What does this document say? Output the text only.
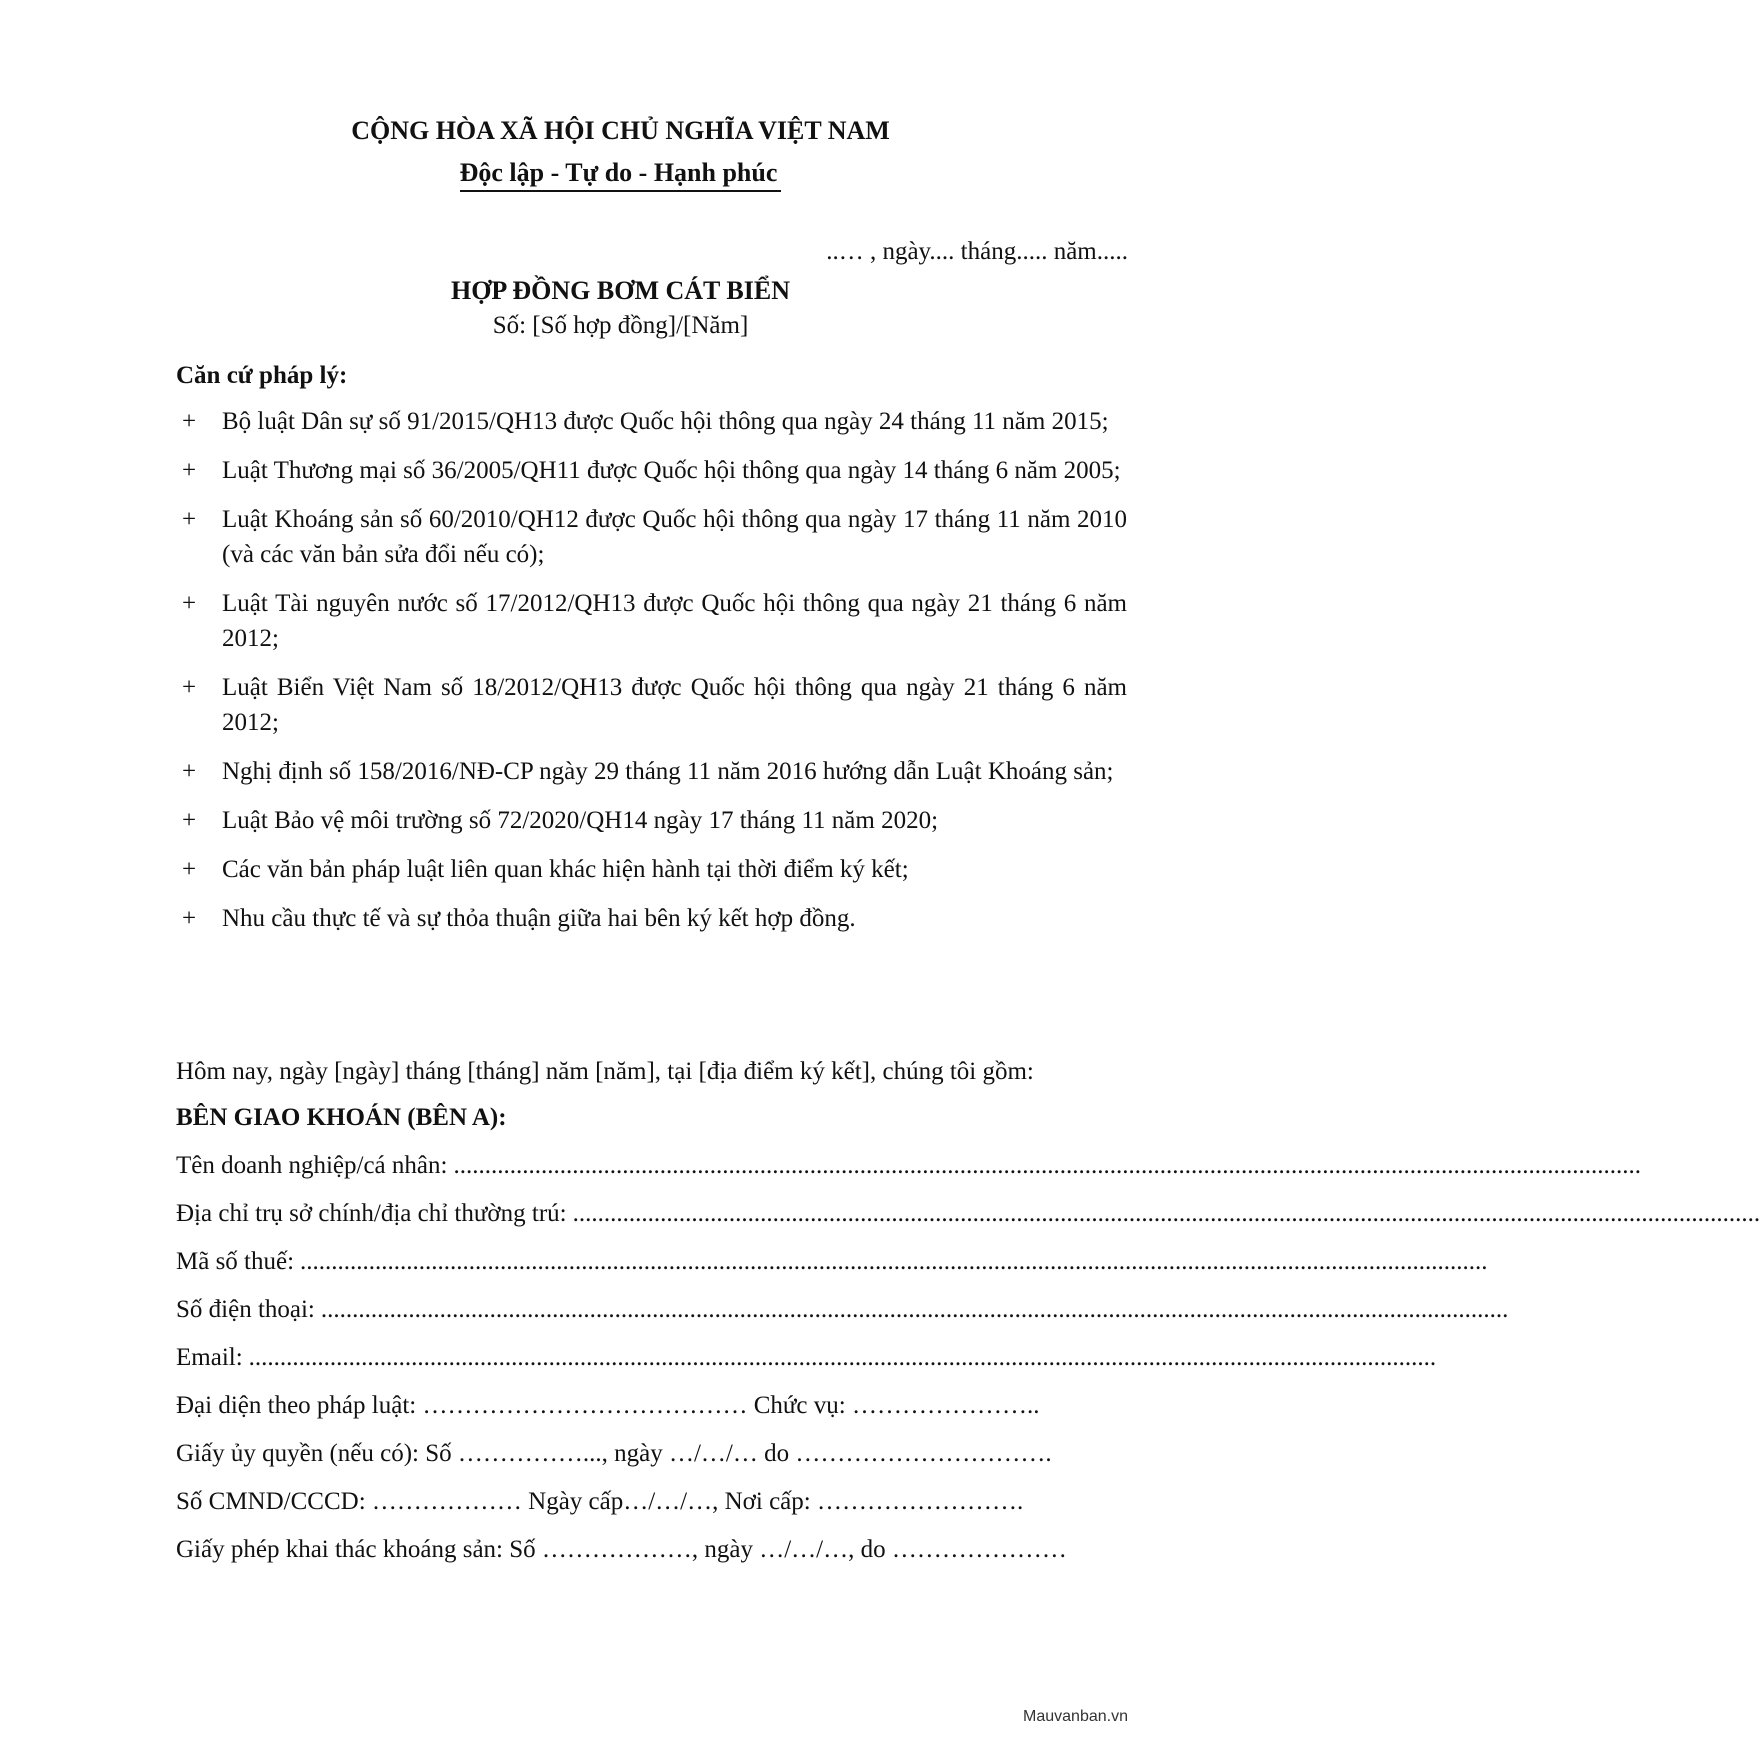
CỘNG HÒA XÃ HỘI CHỦ NGHĨA VIỆT NAM
Độc lập - Tự do - Hạnh phúc
..… , ngày.... tháng..... năm.....
HỢP ĐỒNG BƠM CÁT BIỂN
Số: [Số hợp đồng]/[Năm]
Căn cứ pháp lý:
+ Bộ luật Dân sự số 91/2015/QH13 được Quốc hội thông qua ngày 24 tháng 11 năm 2015;
+ Luật Thương mại số 36/2005/QH11 được Quốc hội thông qua ngày 14 tháng 6 năm 2005;
+ Luật Khoáng sản số 60/2010/QH12 được Quốc hội thông qua ngày 17 tháng 11 năm 2010 (và các văn bản sửa đổi nếu có);
+ Luật Tài nguyên nước số 17/2012/QH13 được Quốc hội thông qua ngày 21 tháng 6 năm 2012;
+ Luật Biển Việt Nam số 18/2012/QH13 được Quốc hội thông qua ngày 21 tháng 6 năm 2012;
+ Nghị định số 158/2016/NĐ-CP ngày 29 tháng 11 năm 2016 hướng dẫn Luật Khoáng sản;
+ Luật Bảo vệ môi trường số 72/2020/QH14 ngày 17 tháng 11 năm 2020;
+ Các văn bản pháp luật liên quan khác hiện hành tại thời điểm ký kết;
+ Nhu cầu thực tế và sự thỏa thuận giữa hai bên ký kết hợp đồng.
Hôm nay, ngày [ngày] tháng [tháng] năm [năm], tại [địa điểm ký kết], chúng tôi gồm:
BÊN GIAO KHOÁN (BÊN A):
Tên doanh nghiệp/cá nhân: ..............................................................................................................................................................................................
Địa chỉ trụ sở chính/địa chỉ thường trú: ..............................................................................................................................................................................................
Mã số thuế: ..............................................................................................................................................................................................
Số điện thoại: ..............................................................................................................................................................................................
Email: ..............................................................................................................................................................................................
Đại diện theo pháp luật: ………………………………… Chức vụ: …………………..
Giấy ủy quyền (nếu có): Số ……………..., ngày …/…/… do ………………………….
Số CMND/CCCD: ……………… Ngày cấp…/…/…, Nơi cấp: …………………….
Giấy phép khai thác khoáng sản: Số ………………, ngày …/…/…, do …………………
Mauvanban.vn
